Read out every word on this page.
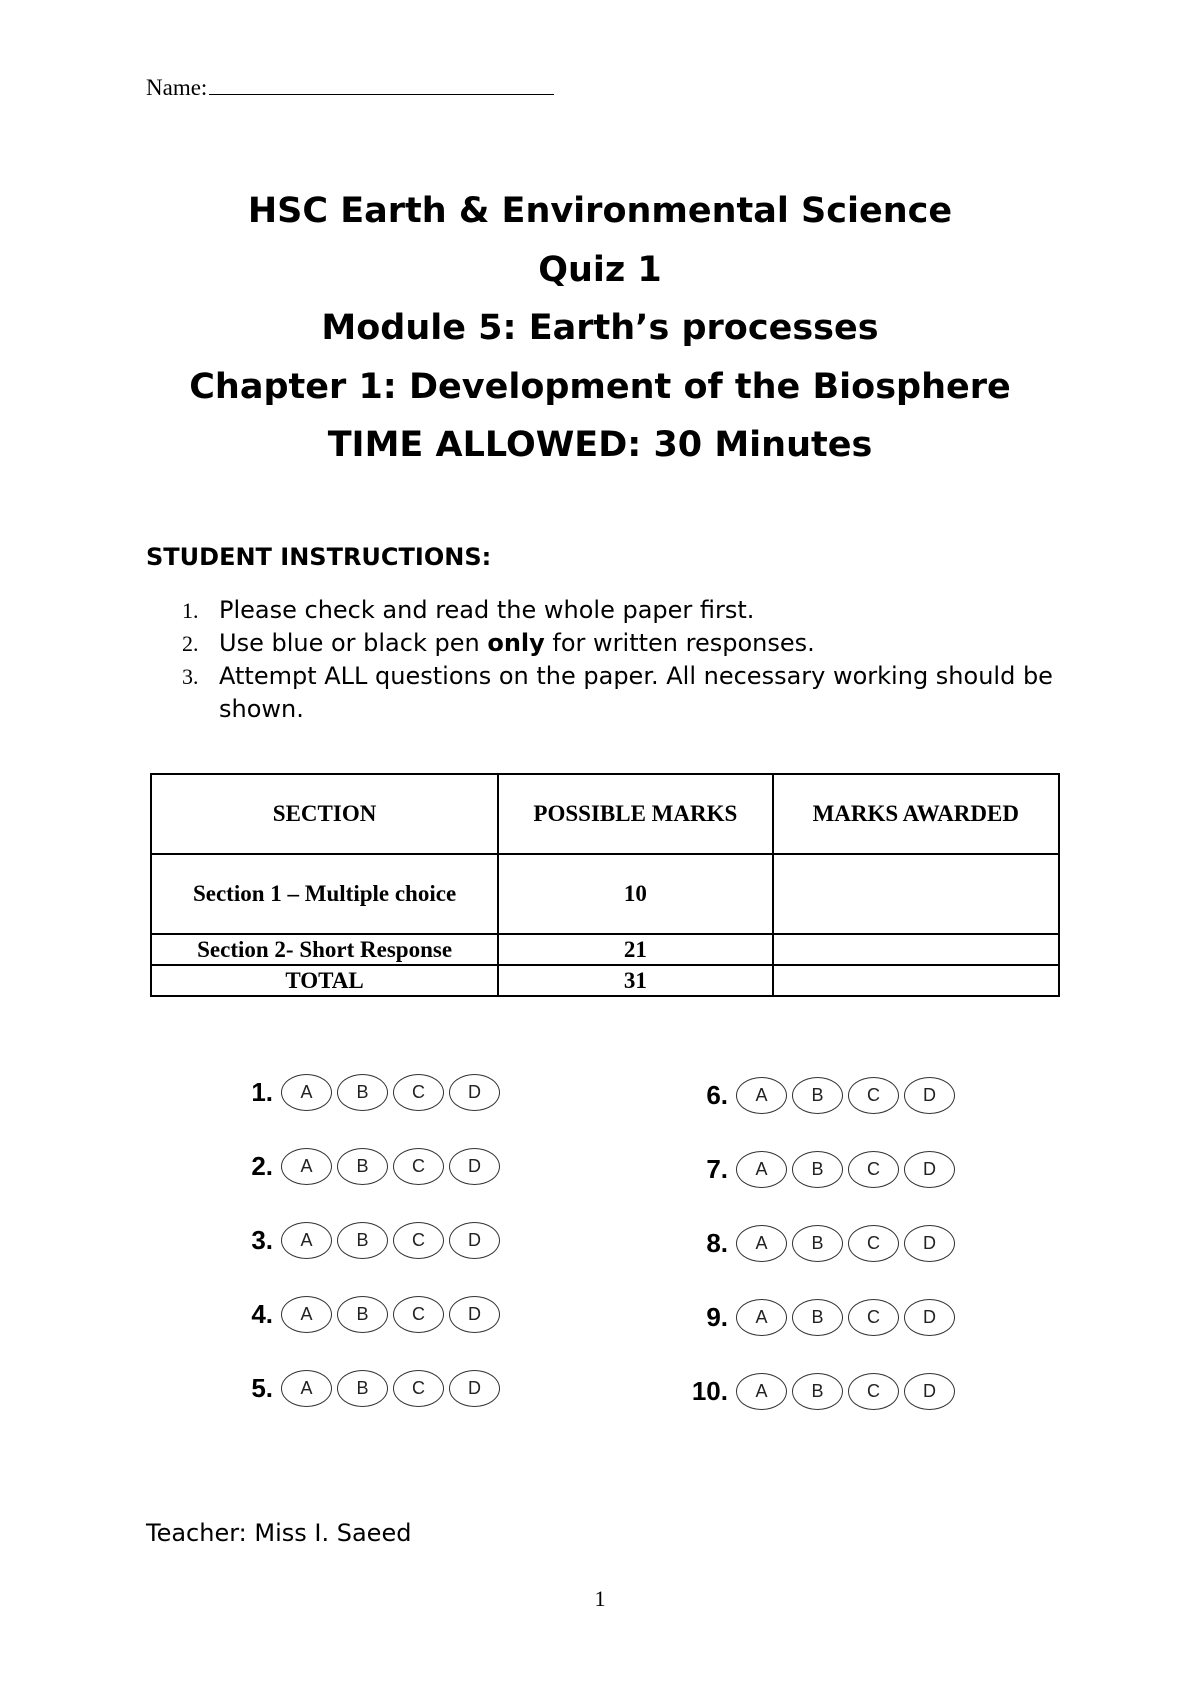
Name:
HSC Earth & Environmental Science
Quiz 1
Module 5: Earth’s processes
Chapter 1: Development of the Biosphere
TIME ALLOWED: 30 Minutes
STUDENT INSTRUCTIONS:
1. Please check and read the whole paper first.
2. Use blue or black pen only for written responses.
3. Attempt ALL questions on the paper. All necessary working should be shown.
SECTION	POSSIBLE MARKS	MARKS AWARDED
Section 1 – Multiple choice	10	
Section 2- Short Response	21	
TOTAL	31	
1.	A	B	C	D
2.	A	B	C	D
3.	A	B	C	D
4.	A	B	C	D
5.	A	B	C	D
6.	A	B	C	D
7.	A	B	C	D
8.	A	B	C	D
9.	A	B	C	D
10.	A	B	C	D
Teacher: Miss I. Saeed
1
